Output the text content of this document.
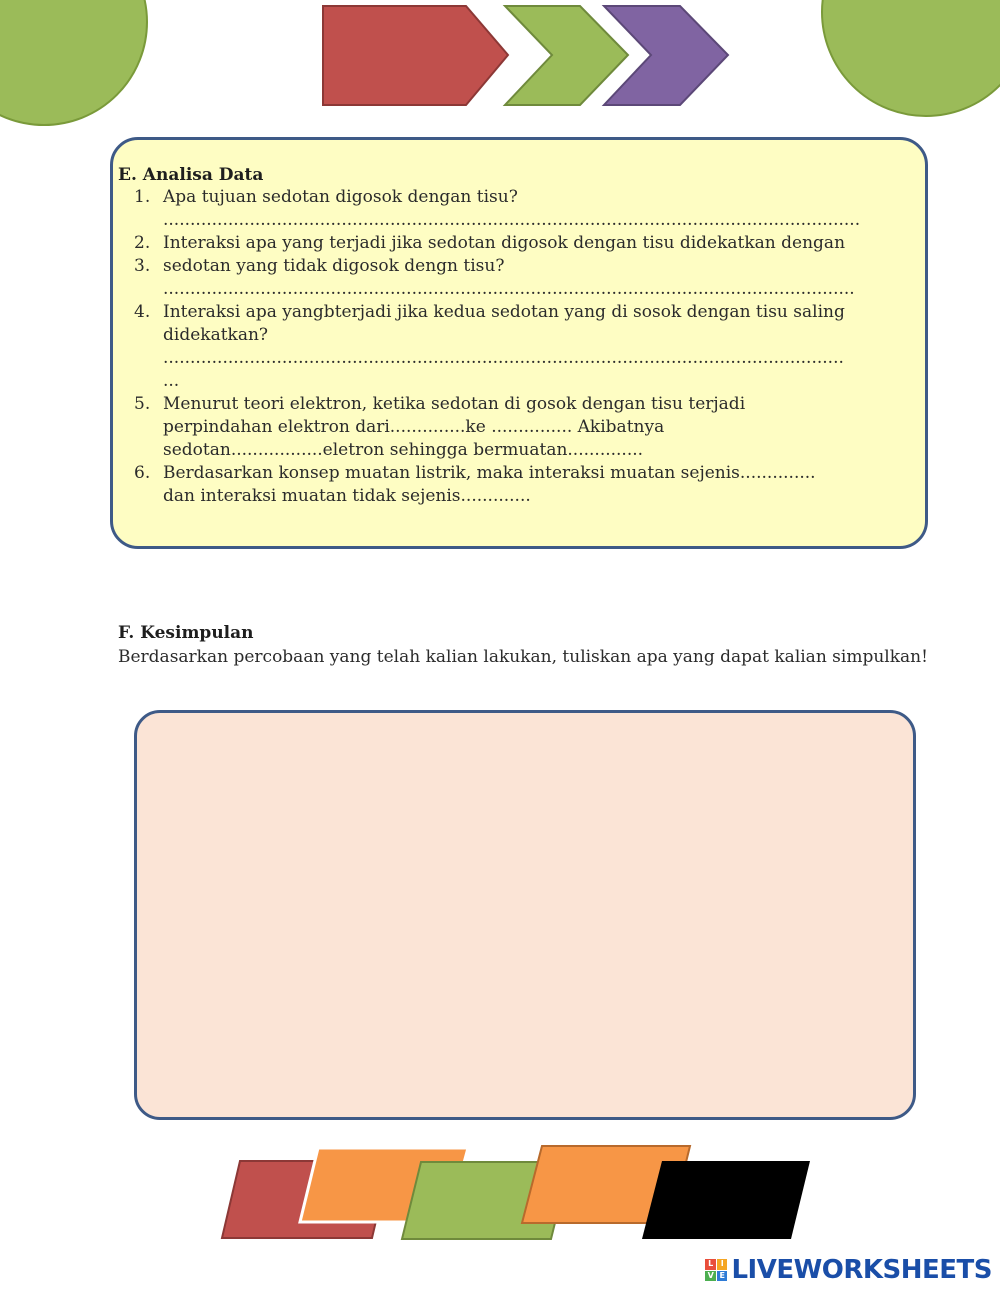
E. Analisa Data
1. Apa tujuan sedotan digosok dengan tisu?
.................................................................................................................................
2. Interaksi apa yang terjadi jika sedotan digosok dengan tisu didekatkan dengan
3. sedotan yang tidak digosok dengn tisu?
................................................................................................................................
4. Interaksi apa yangbterjadi jika kedua sedotan yang di sosok dengan tisu saling
didekatkan?
..............................................................................................................................
...
5. Menurut teori elektron, ketika sedotan di gosok dengan tisu terjadi
perpindahan elektron dari..............ke ............... Akibatnya
sedotan.................eletron sehingga bermuatan..............
6. Berdasarkan konsep muatan listrik, maka interaksi muatan sejenis..............
dan interaksi muatan tidak sejenis.............
F. Kesimpulan
Berdasarkan percobaan yang telah kalian lakukan, tuliskan apa yang dapat kalian simpulkan!
L I
V E LIVEWORKSHEETS
